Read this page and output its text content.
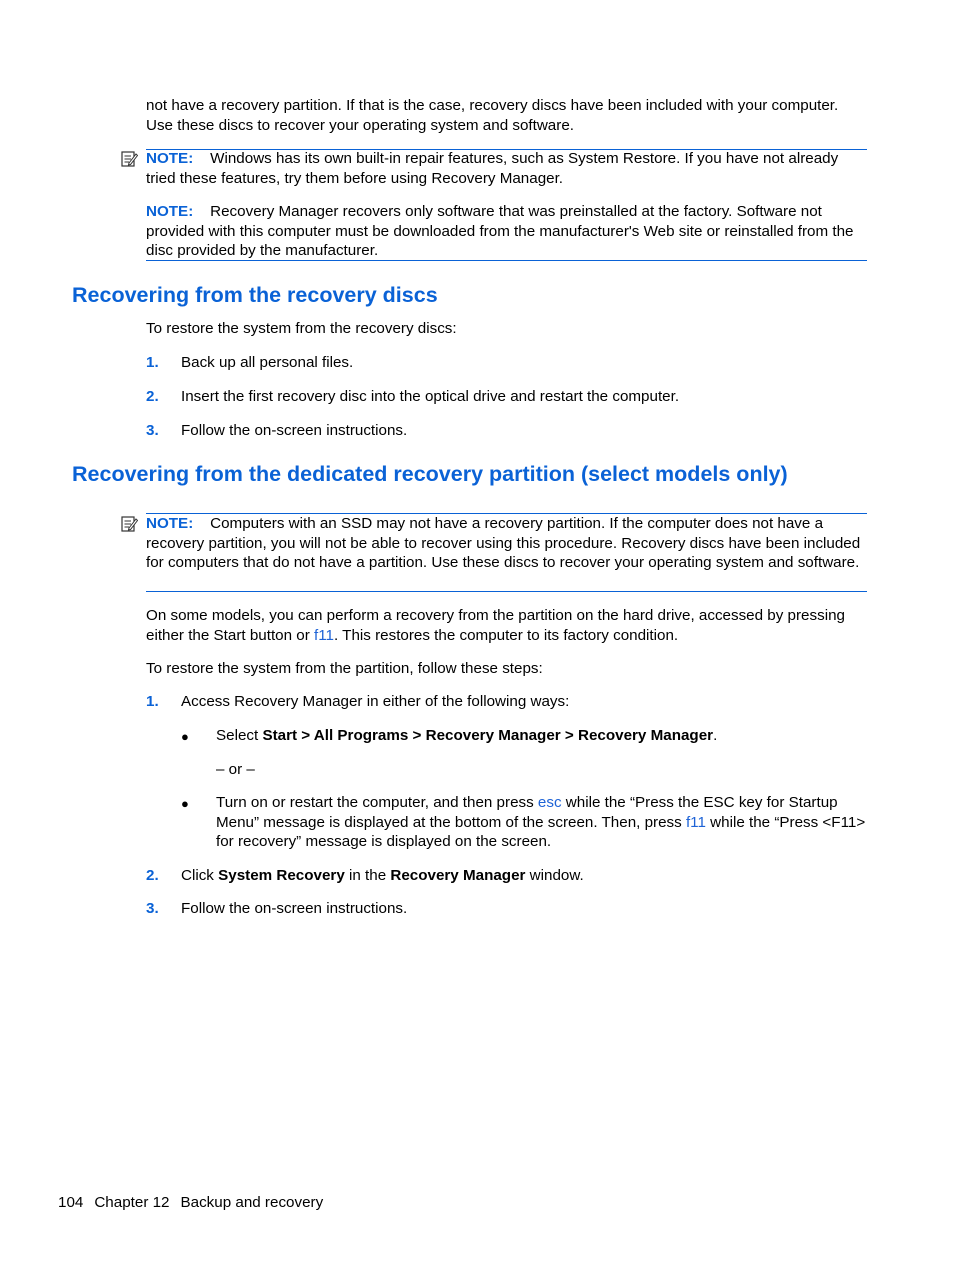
not have a recovery partition. If that is the case, recovery discs have been included with your computer.
Use these discs to recover your operating system and software.

NOTE: Windows has its own built-in repair features, such as System Restore. If you have not already tried these features, try them before using Recovery Manager.

NOTE: Recovery Manager recovers only software that was preinstalled at the factory. Software not provided with this computer must be downloaded from the manufacturer's Web site or reinstalled from the disc provided by the manufacturer.

Recovering from the recovery discs

To restore the system from the recovery discs:

1. Back up all personal files.

2. Insert the first recovery disc into the optical drive and restart the computer.

3. Follow the on-screen instructions.

Recovering from the dedicated recovery partition (select models only)

NOTE: Computers with an SSD may not have a recovery partition. If the computer does not have a recovery partition, you will not be able to recover using this procedure. Recovery discs have been included for computers that do not have a partition. Use these discs to recover your operating system and software.

On some models, you can perform a recovery from the partition on the hard drive, accessed by pressing either the Start button or f11. This restores the computer to its factory condition.

To restore the system from the partition, follow these steps:

1. Access Recovery Manager in either of the following ways:

● Select Start > All Programs > Recovery Manager > Recovery Manager.

– or –

● Turn on or restart the computer, and then press esc while the “Press the ESC key for Startup Menu” message is displayed at the bottom of the screen. Then, press f11 while the “Press <F11> for recovery” message is displayed on the screen.

2. Click System Recovery in the Recovery Manager window.

3. Follow the on-screen instructions.

104 Chapter 12 Backup and recovery
